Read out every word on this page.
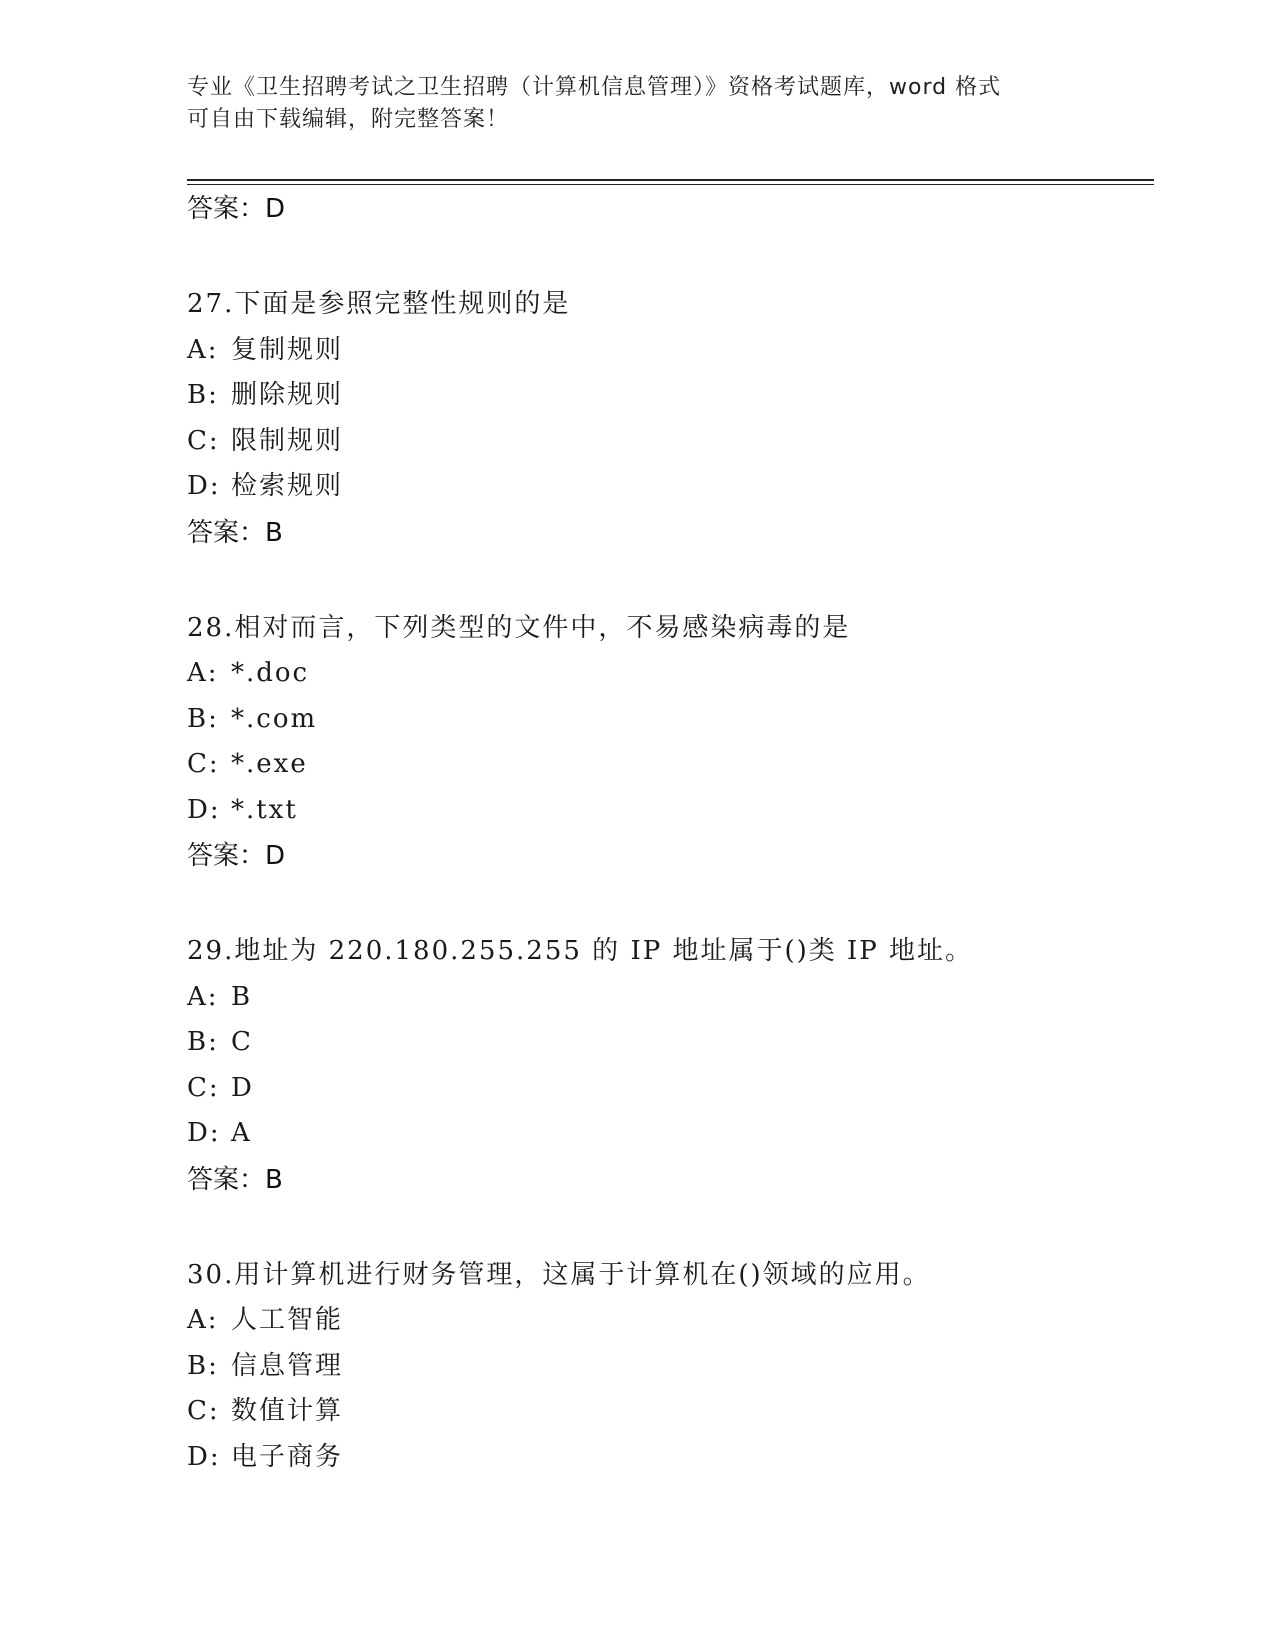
专业《卫生招聘考试之卫生招聘（计算机信息管理）》资格考试题库，word 格式
可自由下载编辑，附完整答案！
答案：D
27.下面是参照完整性规则的是
A: 复制规则
B: 删除规则
C: 限制规则
D: 检索规则
答案：B
28.相对而言，下列类型的文件中，不易感染病毒的是
A: *.doc
B: *.com
C: *.exe
D: *.txt
答案：D
29.地址为 220.180.255.255 的 IP 地址属于()类 IP 地址。
A: B
B: C
C: D
D: A
答案：B
30.用计算机进行财务管理，这属于计算机在()领域的应用。
A: 人工智能
B: 信息管理
C: 数值计算
D: 电子商务
